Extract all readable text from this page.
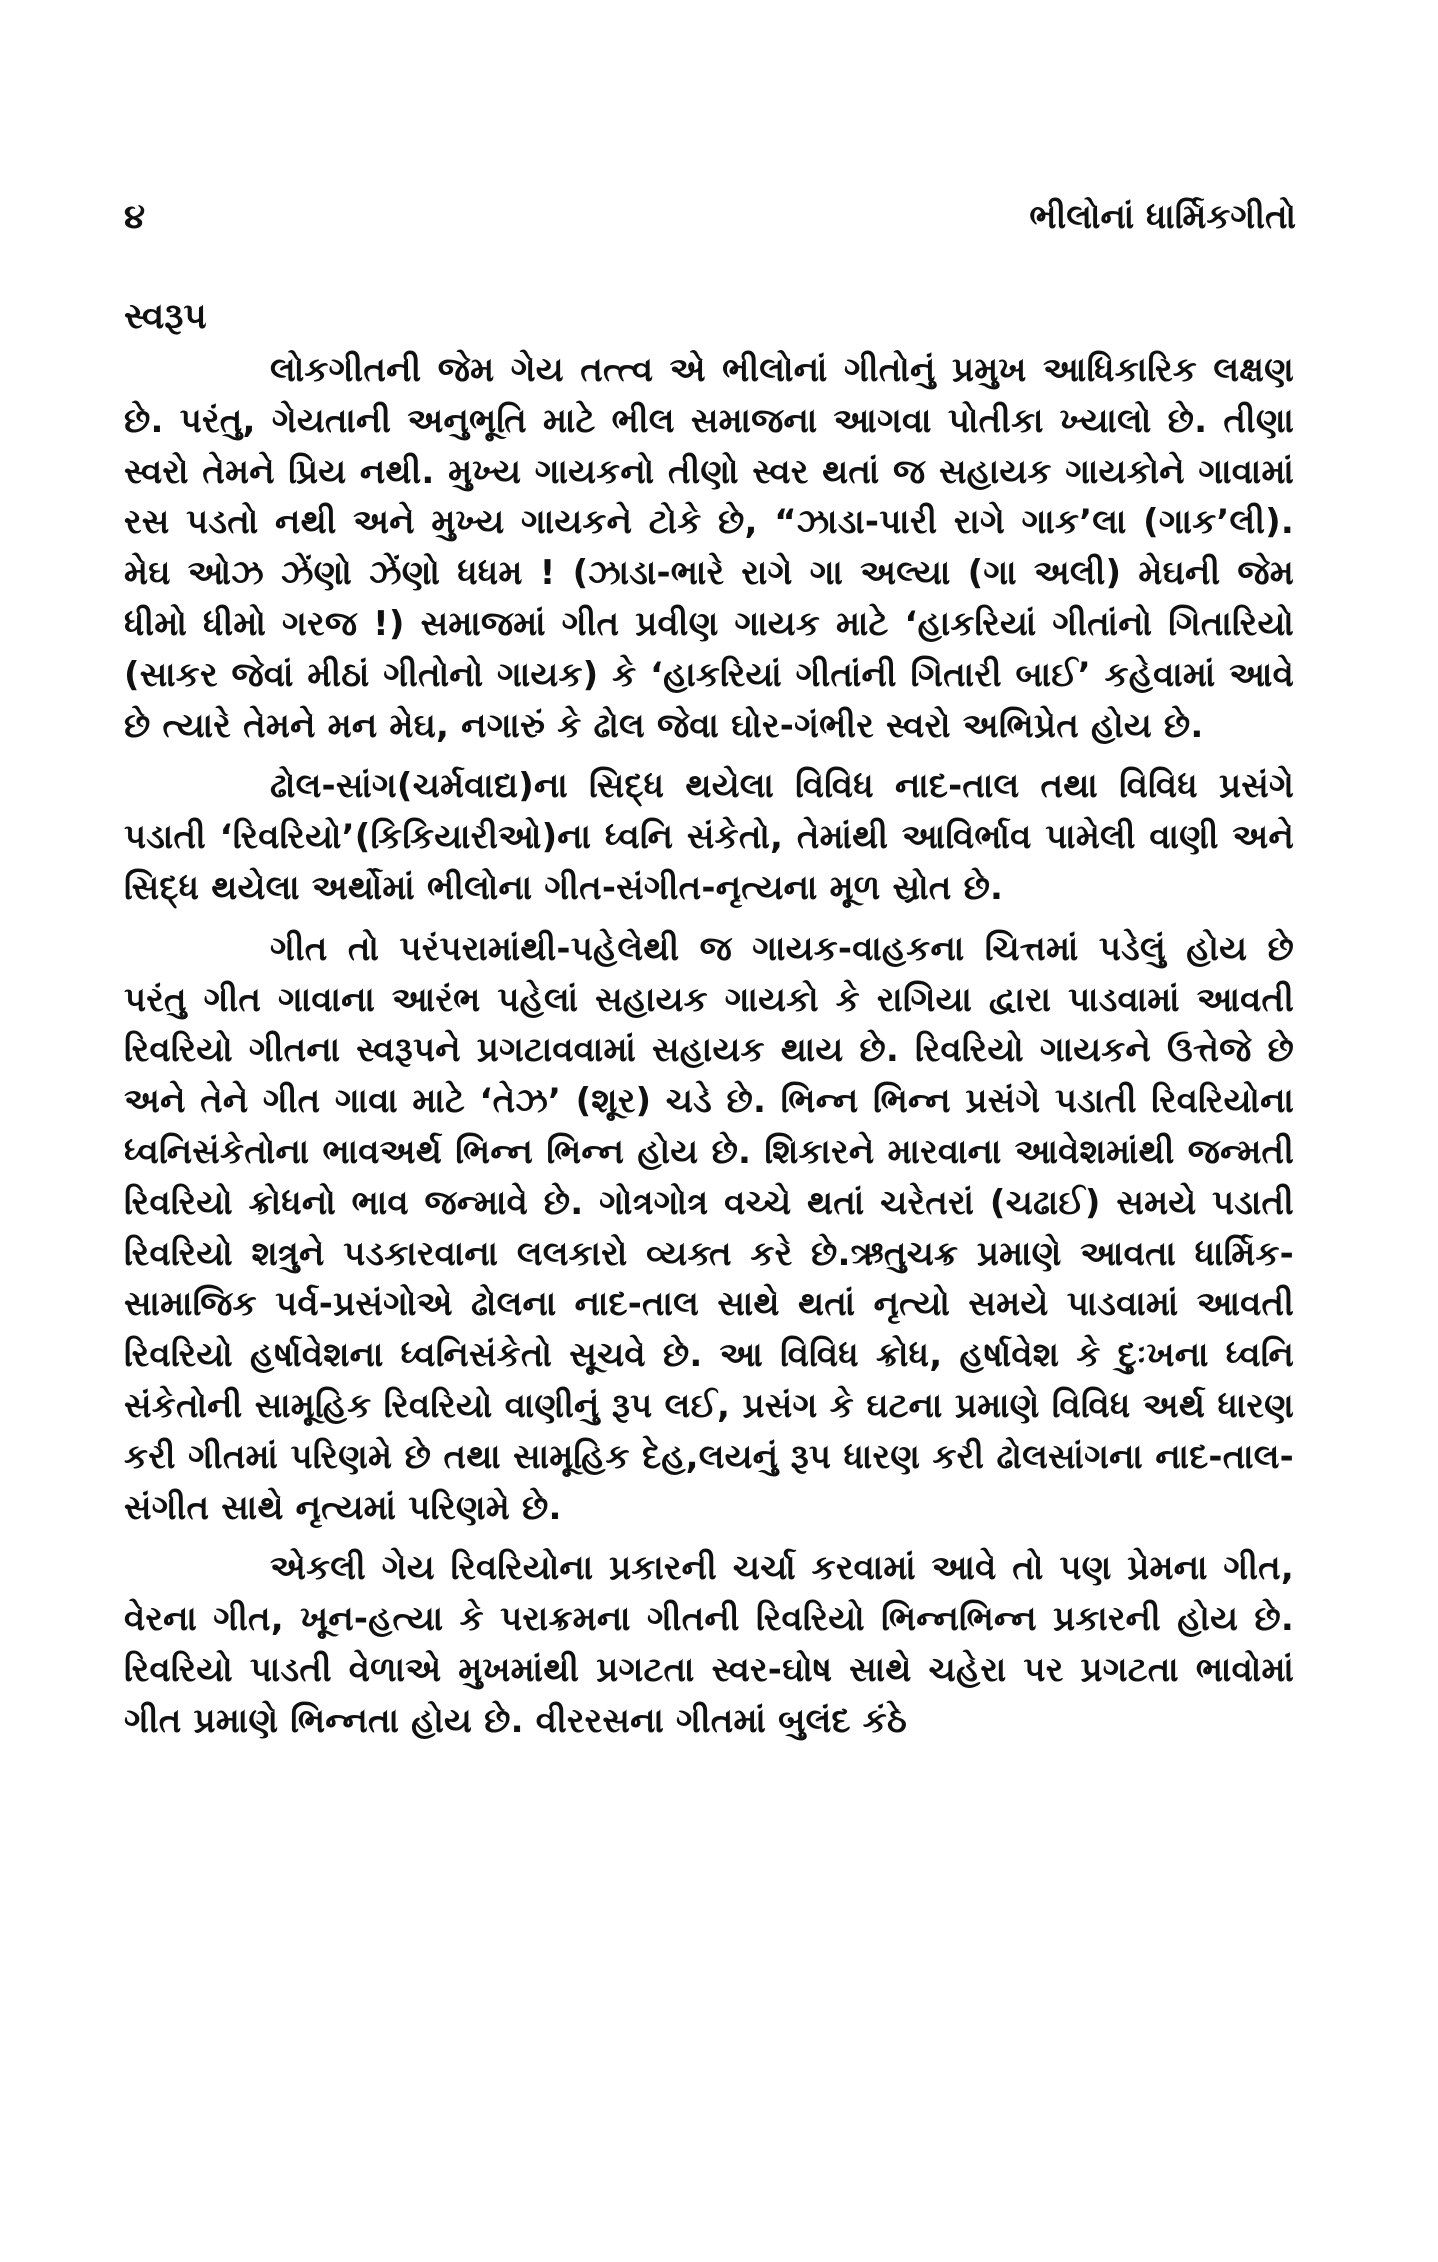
૪	ભીલોનાં ધાર્મિકગીતો
સ્વરૂપ

લોકગીતની જેમ ગેય તત્ત્વ એ ભીલોનાં ગીતોનું પ્રમુખ આધિકારિક લક્ષણ છે. પરંતુ, ગેયતાની અનુભૂતિ માટે ભીલ સમાજના આગવા પોતીકા ખ્યાલો છે. તીણા સ્વરો તેમને પ્રિય નથી. મુખ્ય ગાયકનો તીણો સ્વર થતાં જ સહાયક ગાયકોને ગાવામાં રસ પડતો નથી અને મુખ્ય ગાયકને ટોકે છે, “ઝાડા-પારી રાગે ગાક’લા (ગાક’લી). મેઘ ઓઝ ઝેંણો ઝેંણો ધધમ ! (ઝાડા-ભારે રાગે ગા અલ્યા (ગા અલી) મેઘની જેમ ધીમો ધીમો ગરજ !) સમાજમાં ગીત પ્રવીણ ગાયક માટે ‘હાકરિયાં ગીતાંનો ગિતારિયો (સાકર જેવાં મીઠાં ગીતોનો ગાયક) કે ‘હાકરિયાં ગીતાંની ગિતારી બાઈ’ કહેવામાં આવે છે ત્યારે તેમને મન મેઘ, નગારું કે ઢોલ જેવા ઘોર-ગંભીર સ્વરો અભિપ્રેત હોય છે.

ઢોલ-સાંગ(ચર્મવાદ્ય)ના સિદ્ધ થયેલા વિવિધ નાદ-તાલ તથા વિવિધ પ્રસંગે પડાતી ‘રિવરિયો’(કિકિયારીઓ)ના ધ્વનિ સંકેતો, તેમાંથી આવિર્ભાવ પામેલી વાણી અને સિદ્ધ થયેલા અર્થોમાં ભીલોના ગીત-સંગીત-નૃત્યના મૂળ સ્રોત છે.

ગીત તો પરંપરામાંથી-પહેલેથી જ ગાયક-વાહકના ચિત્તમાં પડેલું હોય છે પરંતુ ગીત ગાવાના આરંભ પહેલાં સહાયક ગાયકો કે રાગિયા દ્વારા પાડવામાં આવતી રિવરિયો ગીતના સ્વરૂપને પ્રગટાવવામાં સહાયક થાય છે. રિવરિયો ગાયકને ઉત્તેજે છે અને તેને ગીત ગાવા માટે ‘તેઝ’ (શૂર) ચડે છે. ભિન્ન ભિન્ન પ્રસંગે પડાતી રિવરિયોના ધ્વનિસંકેતોના ભાવઅર્થ ભિન્ન ભિન્ન હોય છે. શિકારને મારવાના આવેશમાંથી જન્મતી રિવરિયો ક્રોધનો ભાવ જન્માવે છે. ગોત્રગોત્ર વચ્ચે થતાં ચરેતરાં (ચઢાઈ) સમયે પડાતી રિવરિયો શત્રુને પડકારવાના લલકારો વ્યક્ત કરે છે.ઋતુચક્ર પ્રમાણે આવતા ધાર્મિક-સામાજિક પર્વ-પ્રસંગોએ ઢોલના નાદ-તાલ સાથે થતાં નૃત્યો સમયે પાડવામાં આવતી રિવરિયો હર્ષાવેશના ધ્વનિસંકેતો સૂચવે છે. આ વિવિધ ક્રોધ, હર્ષાવેશ કે દુઃખના ધ્વનિ સંકેતોની સામૂહિક રિવરિયો વાણીનું રૂપ લઈ, પ્રસંગ કે ઘટના પ્રમાણે વિવિધ અર્થ ધારણ કરી ગીતમાં પરિણમે છે તથા સામૂહિક દેહ,લયનું રૂપ ધારણ કરી ઢોલસાંગના નાદ-તાલ-સંગીત સાથે નૃત્યમાં પરિણમે છે.

એકલી ગેય રિવરિયોના પ્રકારની ચર્ચા કરવામાં આવે તો પણ પ્રેમના ગીત, વેરના ગીત, ખૂન-હત્યા કે પરાક્રમના ગીતની રિવરિયો ભિન્નભિન્ન પ્રકારની હોય છે. રિવરિયો પાડતી વેળાએ મુખમાંથી પ્રગટતા સ્વર-ઘોષ સાથે ચહેરા પર પ્રગટતા ભાવોમાં ગીત પ્રમાણે ભિન્નતા હોય છે. વીરરસના ગીતમાં બુલંદ કંઠે
